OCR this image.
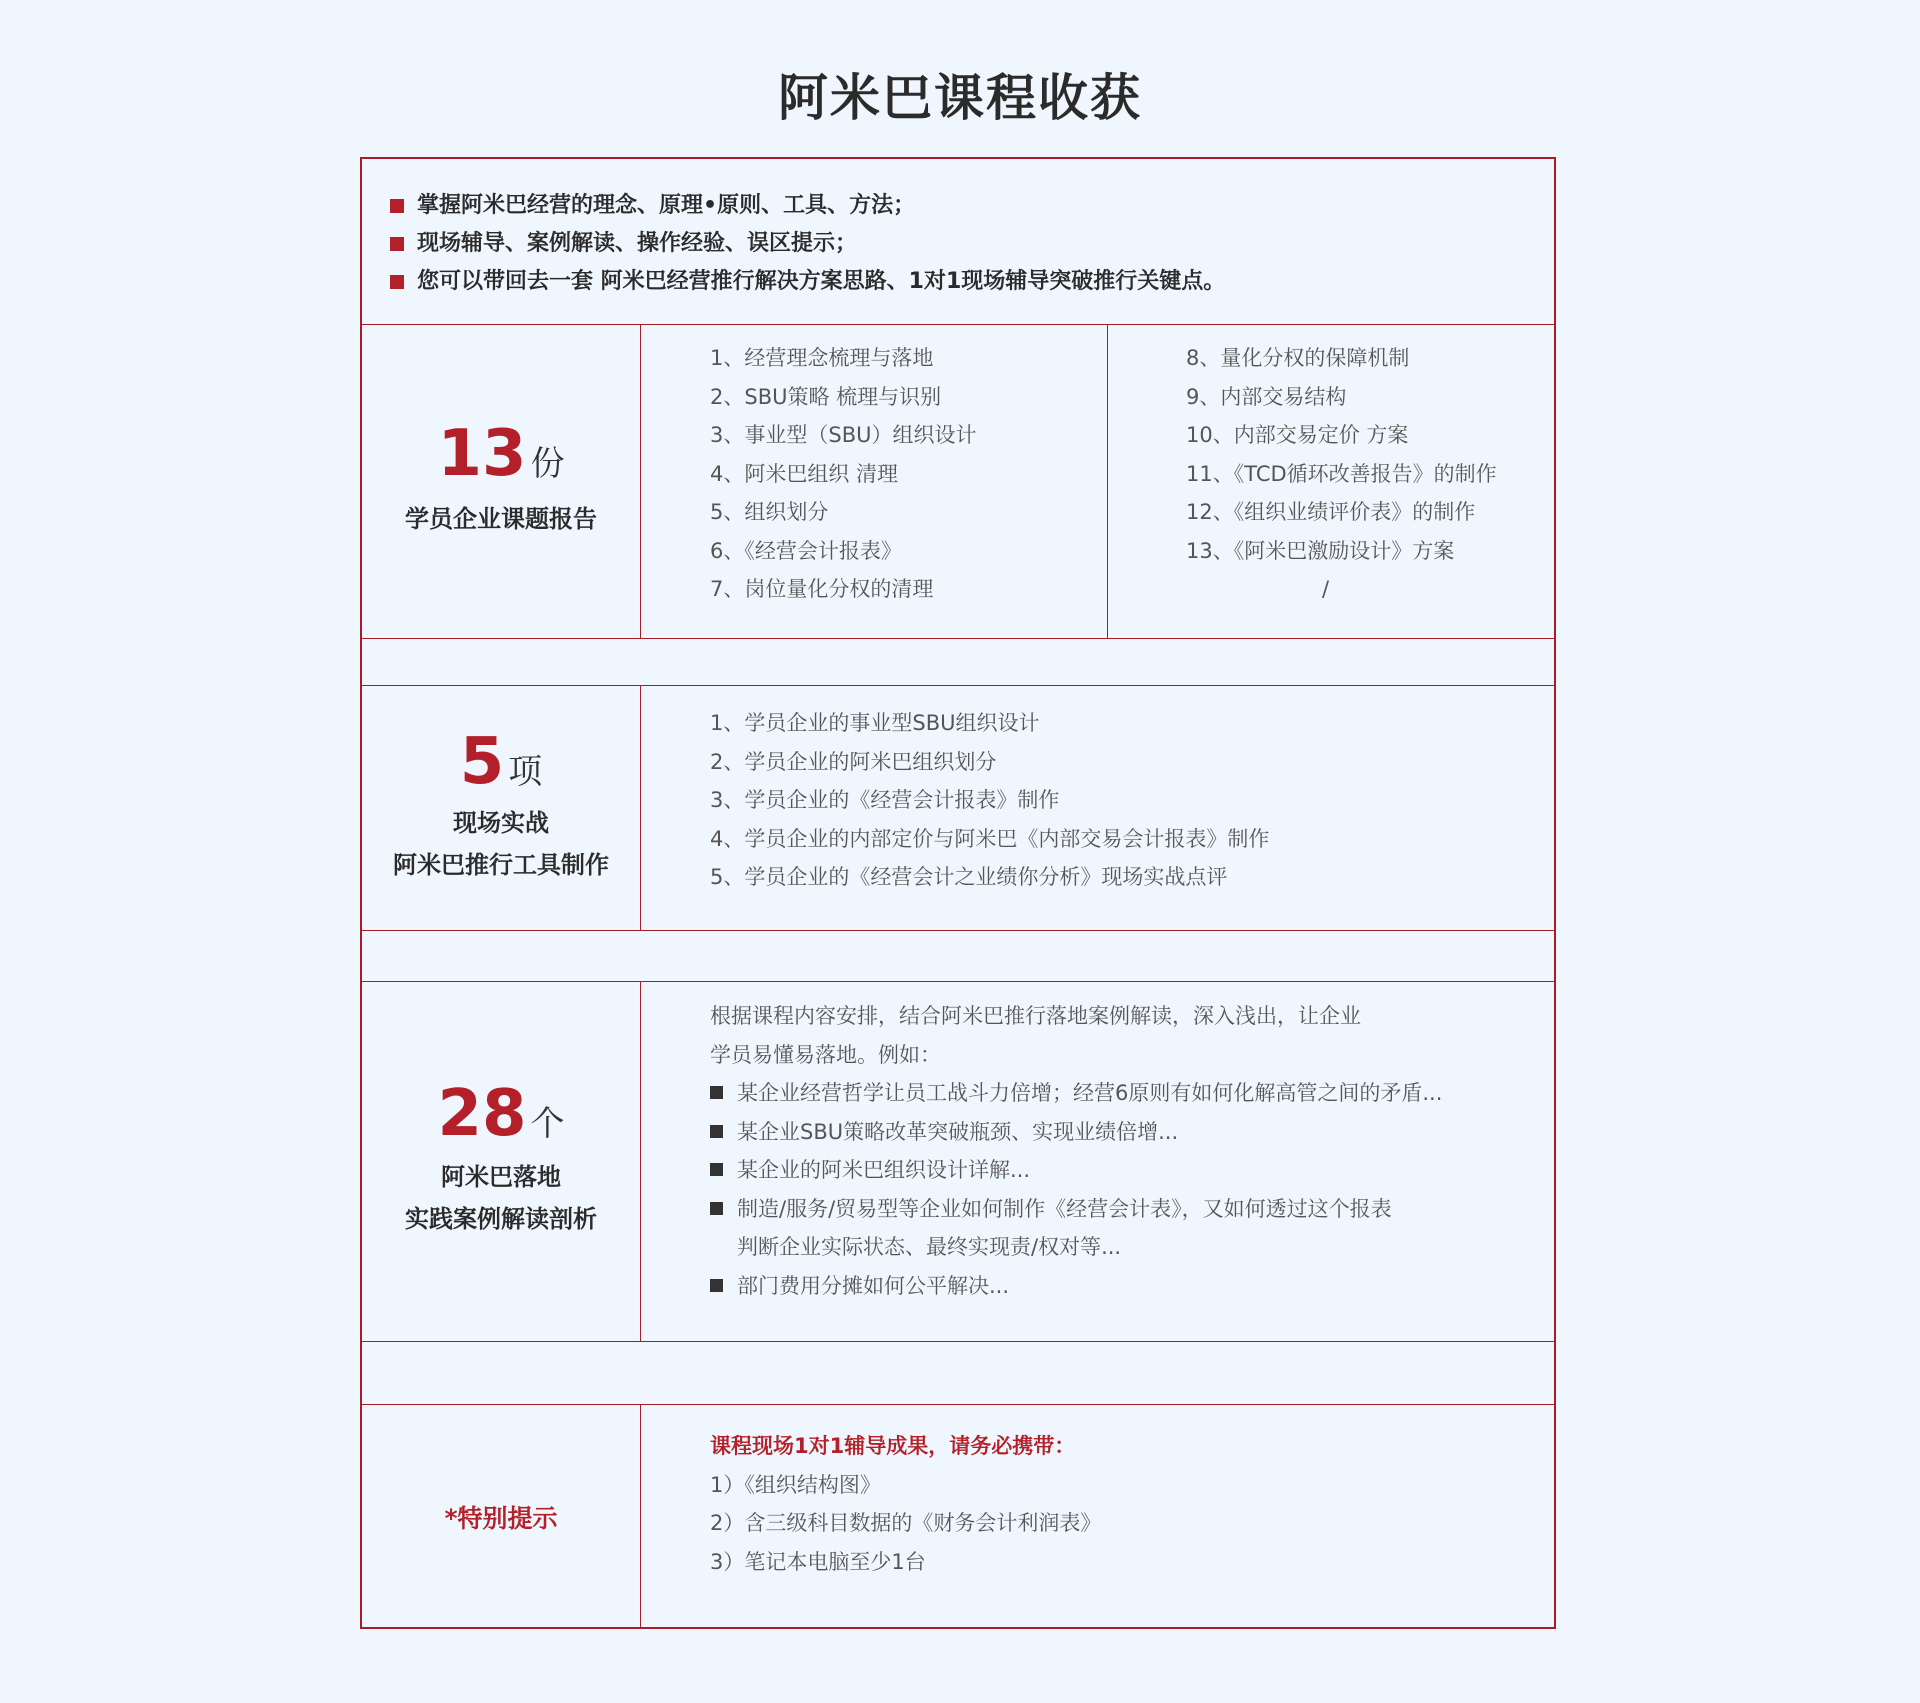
阿米巴课程收获
掌握阿米巴经营的理念、原理•原则、工具、方法；
现场辅导、案例解读、操作经验、误区提示；
您可以带回去一套 阿米巴经营推行解决方案思路、1对1现场辅导突破推行关键点。
13 份
学员企业课题报告
1、经营理念梳理与落地
2、SBU策略 梳理与识别
3、事业型（SBU）组织设计
4、阿米巴组织 清理
5、组织划分
6、《经营会计报表》
7、岗位量化分权的清理
8、量化分权的保障机制
9、内部交易结构
10、内部交易定价 方案
11、《TCD循环改善报告》的制作
12、《组织业绩评价表》的制作
13、《阿米巴激励设计》方案
/
5 项
现场实战
阿米巴推行工具制作
1、学员企业的事业型SBU组织设计
2、学员企业的阿米巴组织划分
3、学员企业的《经营会计报表》制作
4、学员企业的内部定价与阿米巴《内部交易会计报表》制作
5、学员企业的《经营会计之业绩你分析》现场实战点评
28 个
阿米巴落地
实践案例解读剖析
根据课程内容安排，结合阿米巴推行落地案例解读，深入浅出，让企业
学员易懂易落地。例如：
某企业经营哲学让员工战斗力倍增；经营6原则有如何化解高管之间的矛盾...
某企业SBU策略改革突破瓶颈、实现业绩倍增...
某企业的阿米巴组织设计详解...
制造/服务/贸易型等企业如何制作《经营会计表》，又如何透过这个报表
判断企业实际状态、最终实现责/权对等...
部门费用分摊如何公平解决...
*特别提示
课程现场1对1辅导成果，请务必携带：
1）《组织结构图》
2）含三级科目数据的《财务会计利润表》
3）笔记本电脑至少1台
